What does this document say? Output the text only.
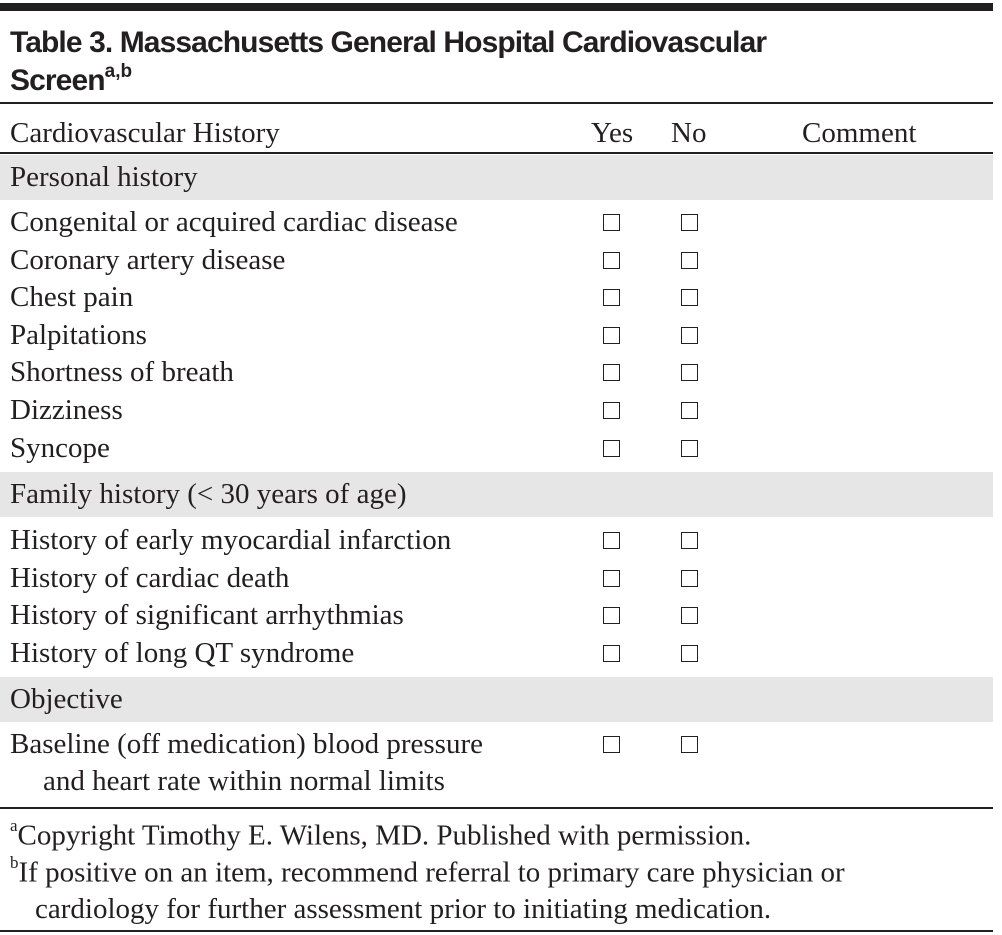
Table 3. Massachusetts General Hospital Cardiovascular
Screen$^{a,b}$
Cardiovascular History	Yes No	Comment
Personal history
Congenital or acquired cardiac disease
Coronary artery disease
Chest pain
Palpitations
Shortness of breath
Dizziness
Syncope
Family history (< 30 years of age)
History of early myocardial infarction
History of cardiac death
History of significant arrhythmias
History of long QT syndrome
Objective
Baseline (off medication) blood pressure
and heart rate within normal limits
$^a$Copyright Timothy E. Wilens, MD. Published with permission.
$^b$If positive on an item, recommend referral to primary care physician or
cardiology for further assessment prior to initiating medication.
